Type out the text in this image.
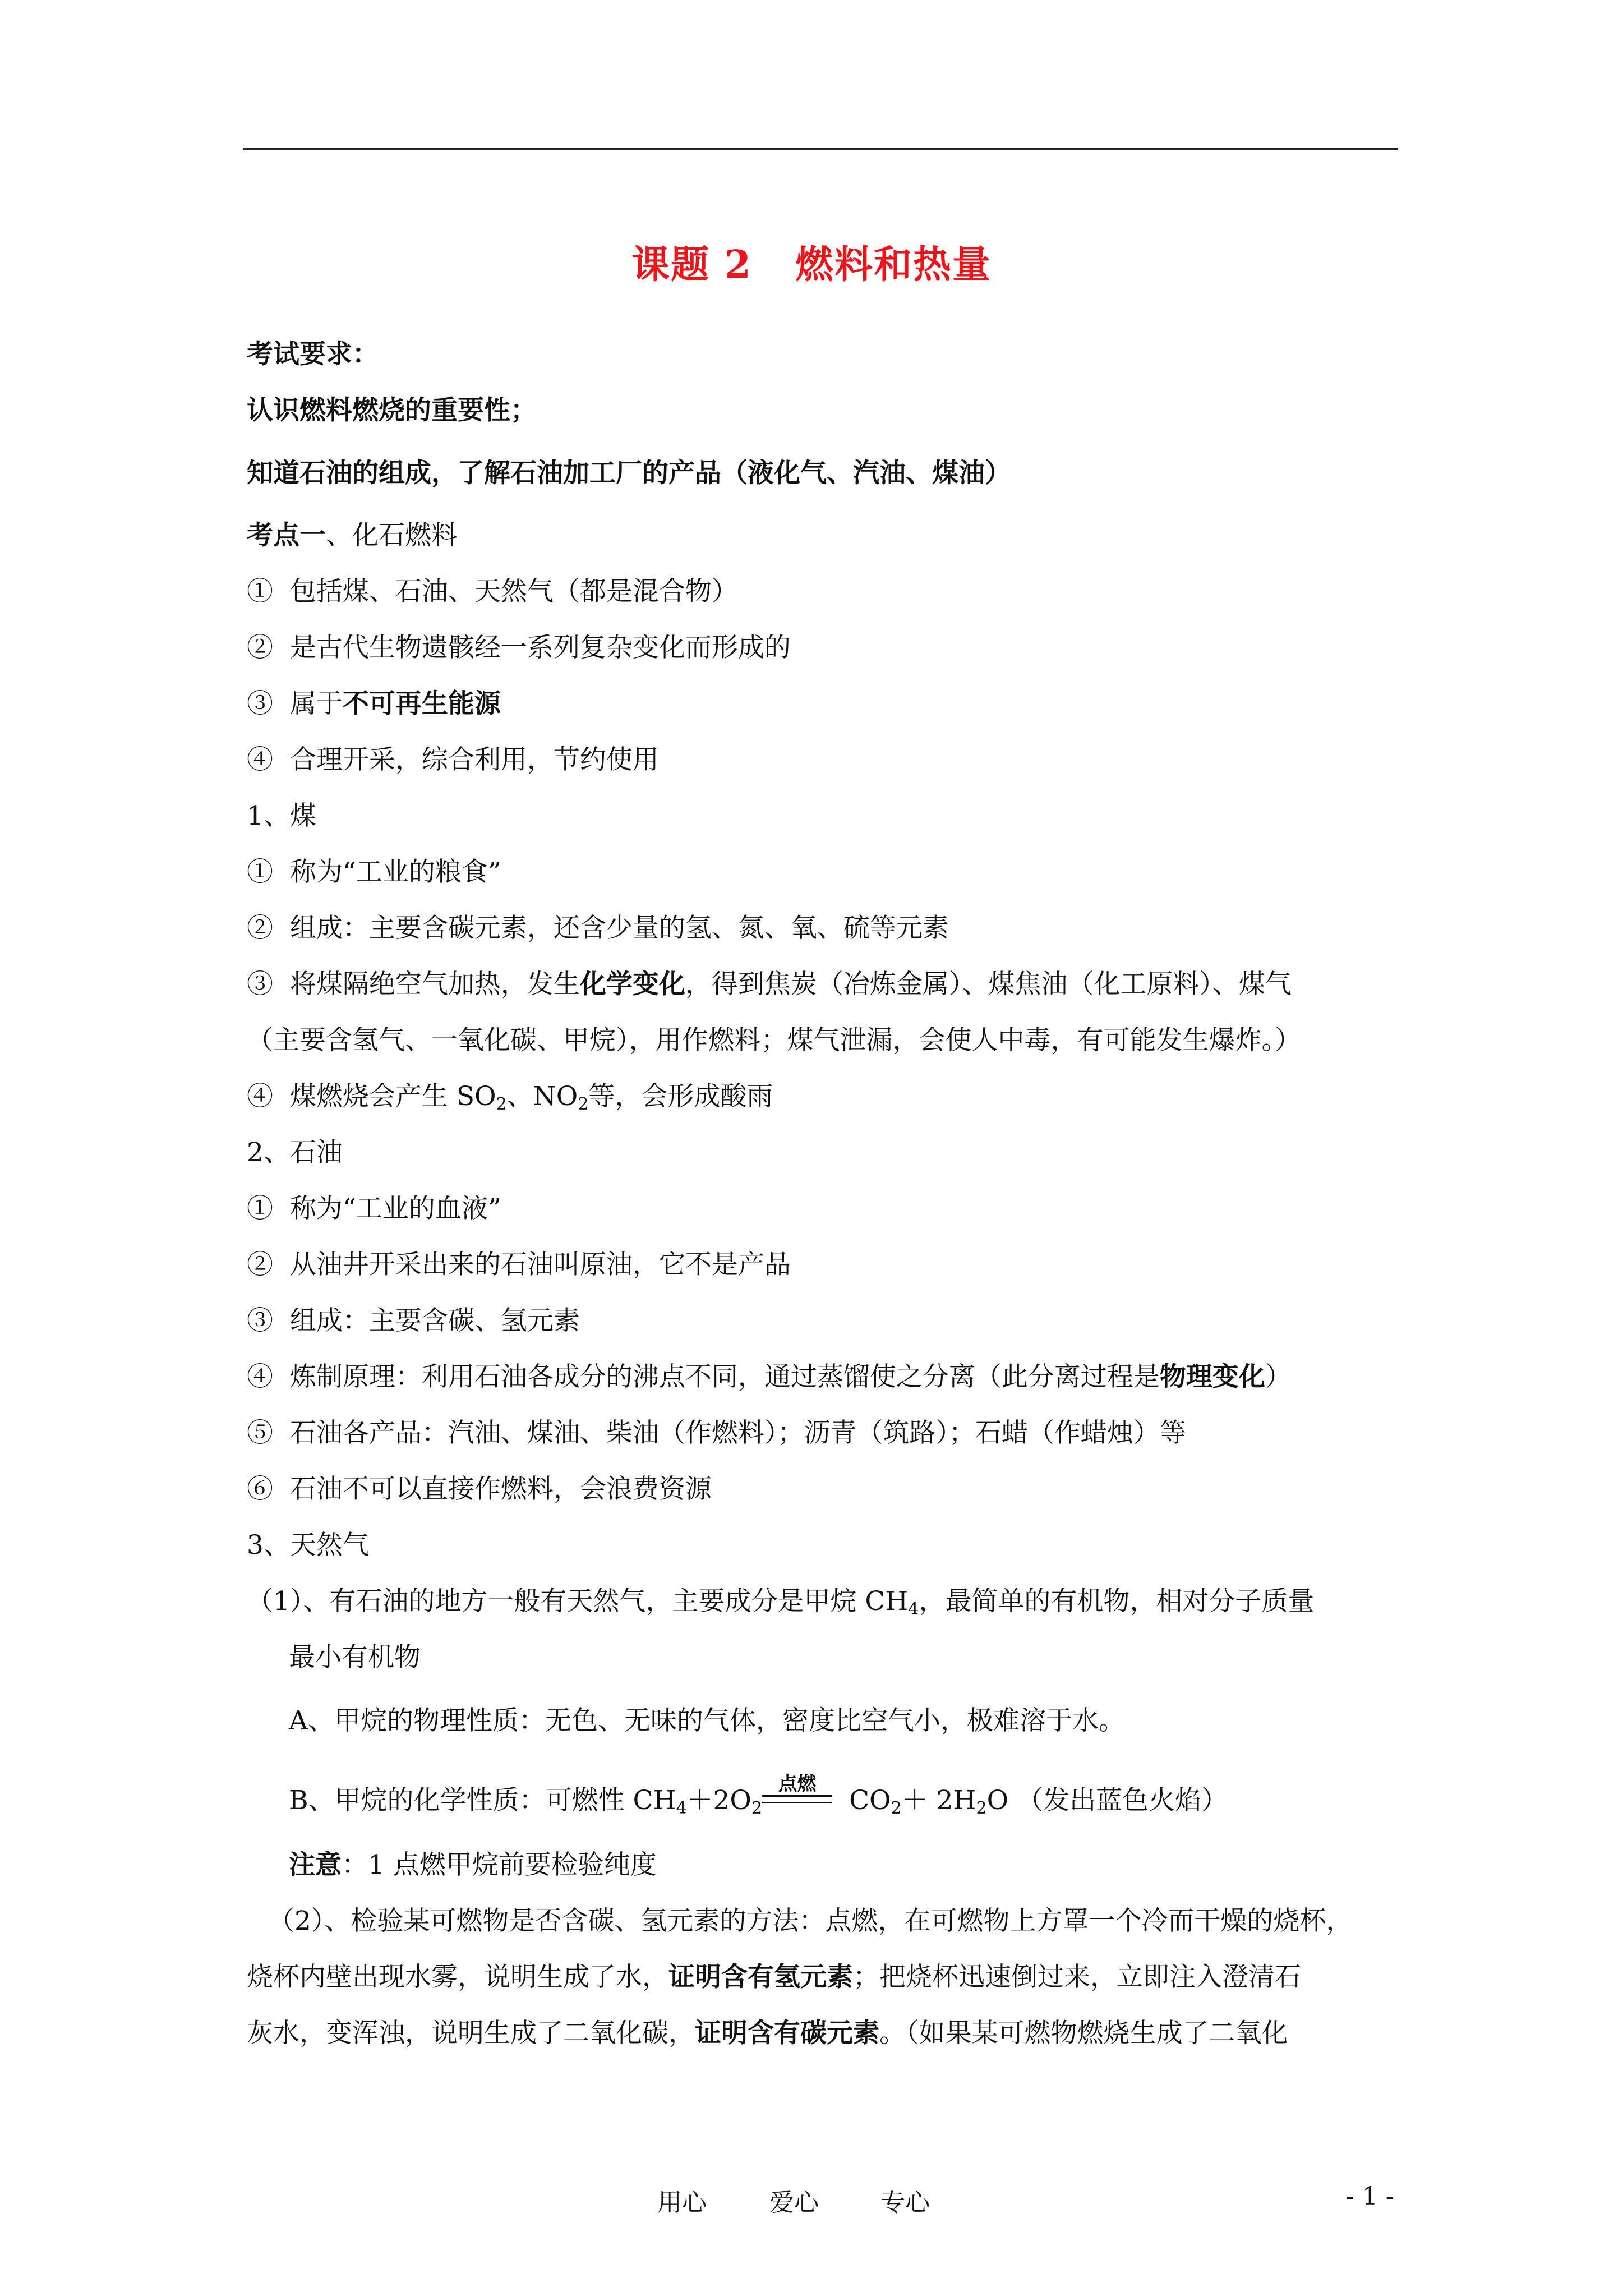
课题 2 燃料和热量
考试要求：
认识燃料燃烧的重要性；
知道石油的组成，了解石油加工厂的产品（液化气、汽油、煤油）
考点一、化石燃料
①  包括煤、石油、天然气（都是混合物）
②  是古代生物遗骸经一系列复杂变化而形成的
③  属于不可再生能源
④  合理开采，综合利用，节约使用
1、煤
①  称为“工业的粮食”
②  组成：主要含碳元素，还含少量的氢、氮、氧、硫等元素
③  将煤隔绝空气加热，发生化学变化，得到焦炭（冶炼金属）、煤焦油（化工原料）、煤气
（主要含氢气、一氧化碳、甲烷），用作燃料；煤气泄漏，会使人中毒，有可能发生爆炸。）
④  煤燃烧会产生 $SO_2$、$NO_2$等，会形成酸雨
2、石油
①  称为“工业的血液”
②  从油井开采出来的石油叫原油，它不是产品
③  组成：主要含碳、氢元素
④  炼制原理：利用石油各成分的沸点不同，通过蒸馏使之分离（此分离过程是物理变化）
⑤  石油各产品：汽油、煤油、柴油（作燃料）；沥青（筑路）；石蜡（作蜡烛）等
⑥  石油不可以直接作燃料，会浪费资源
3、天然气
（1）、有石油的地方一般有天然气，主要成分是甲烷 $CH_4$，最简单的有机物，相对分子质量
最小有机物
A、甲烷的物理性质：无色、无味的气体，密度比空气小，极难溶于水。
B、甲烷的化学性质：可燃性 $CH_4+2O_2$
点燃
$CO_2+ 2H_2O$ （发出蓝色火焰）
注意：1 点燃甲烷前要检验纯度
（2）、检验某可燃物是否含碳、氢元素的方法：点燃，在可燃物上方罩一个冷而干燥的烧杯，
烧杯内壁出现水雾，说明生成了水，证明含有氢元素；把烧杯迅速倒过来，立即注入澄清石
灰水，变浑浊，说明生成了二氧化碳，证明含有碳元素。（如果某可燃物燃烧生成了二氧化
用心	爱心	专心	- 1 -
